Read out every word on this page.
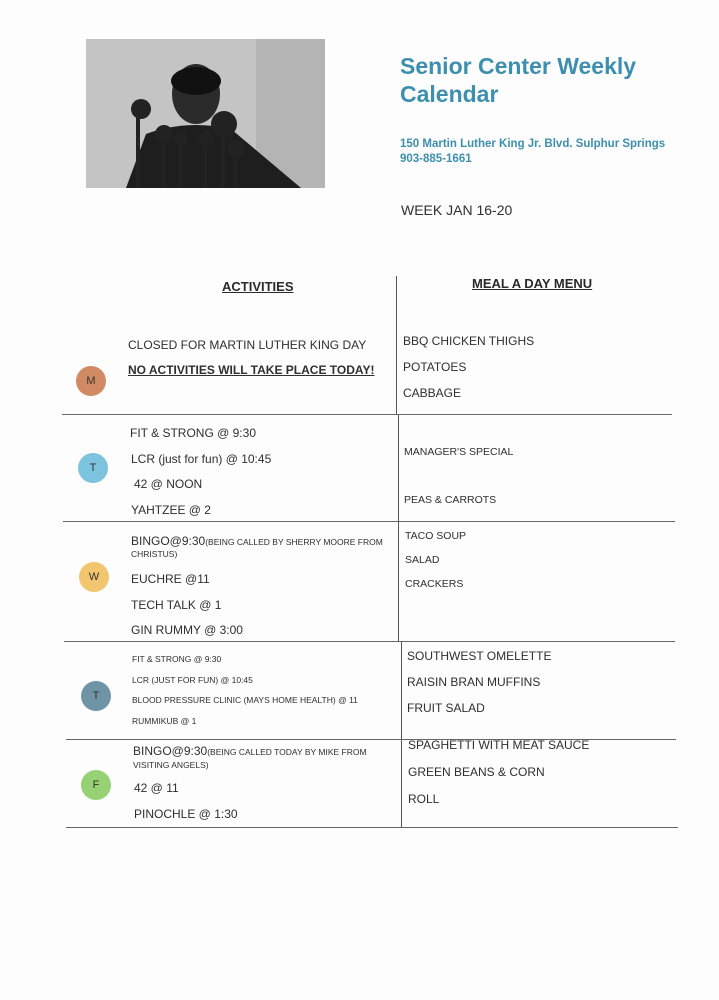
Senior Center Weekly
Calendar
150 Martin Luther King Jr. Blvd. Sulphur Springs
903-885-1661
WEEK JAN 16-20
ACTIVITIES	MEAL A DAY MENU
M
CLOSED FOR MARTIN LUTHER KING DAY
NO ACTIVITIES WILL TAKE PLACE TODAY!
BBQ CHICKEN THIGHS
POTATOES
CABBAGE
T
FIT & STRONG @ 9:30
LCR (just for fun) @ 10:45
42 @ NOON
YAHTZEE @ 2
MANAGER'S SPECIAL
PEAS & CARROTS
W
BINGO@9:30(BEING CALLED BY SHERRY MOORE FROM
CHRISTUS)
EUCHRE @11
TECH TALK @ 1
GIN RUMMY @ 3:00
TACO SOUP
SALAD
CRACKERS
T
FIT & STRONG @ 9:30
LCR (JUST FOR FUN) @ 10:45
BLOOD PRESSURE CLINIC (MAYS HOME HEALTH) @ 11
RUMMIKUB @ 1
SOUTHWEST OMELETTE
RAISIN BRAN MUFFINS
FRUIT SALAD
F
BINGO@9:30(BEING CALLED TODAY BY MIKE FROM
VISITING ANGELS)
42 @ 11
PINOCHLE @ 1:30
SPAGHETTI WITH MEAT SAUCE
GREEN BEANS & CORN
ROLL
